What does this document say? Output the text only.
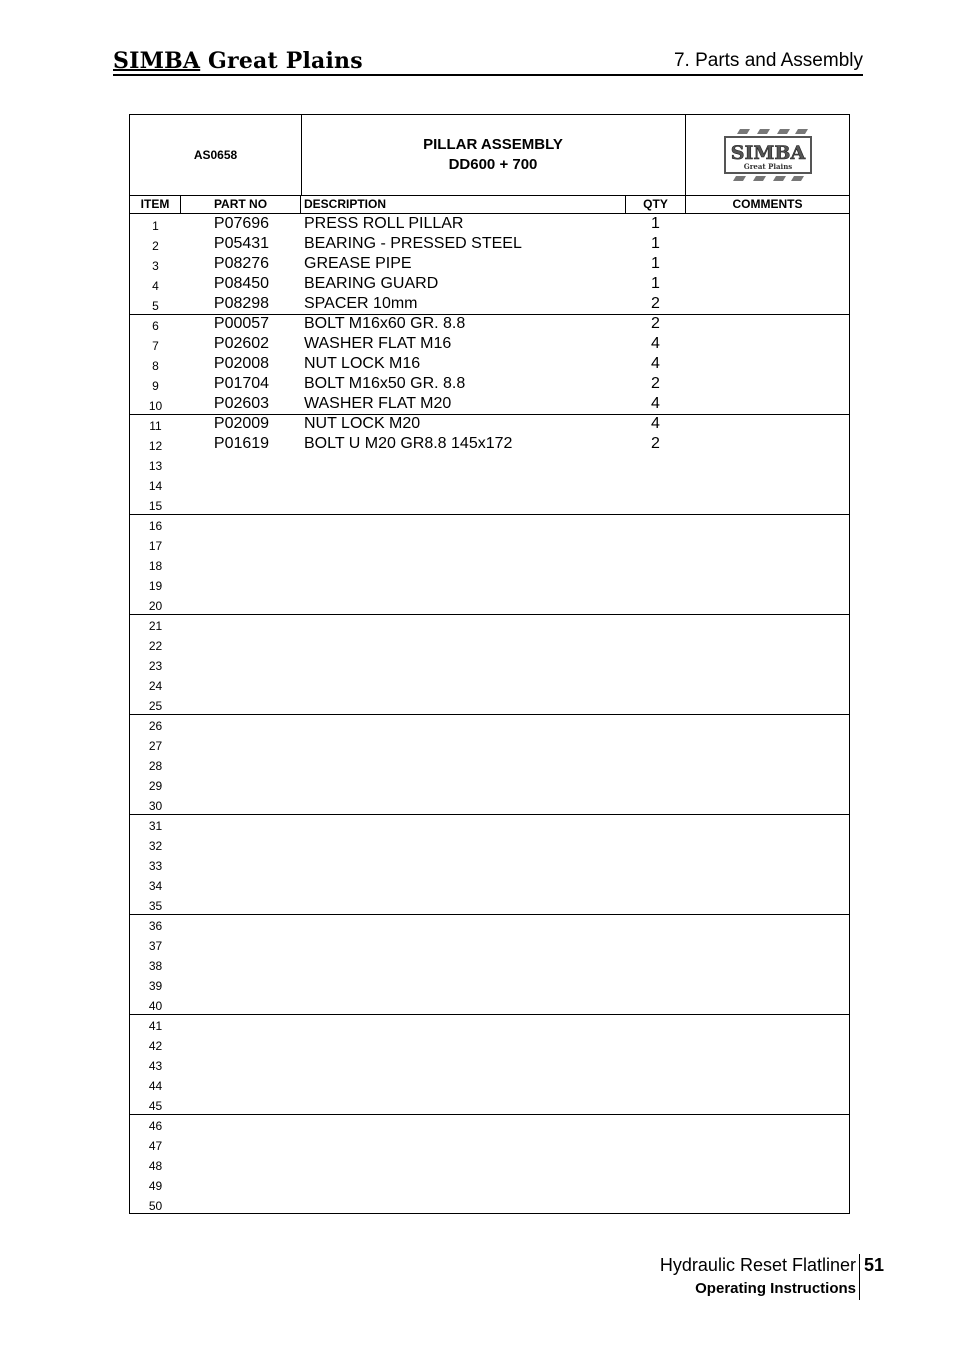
SIMBA Great Plains	7. Parts and Assembly
AS0658
PILLAR ASSEMBLY
DD600 + 700
SIMBA
Great Plains
ITEM	PART NO	DESCRIPTION	QTY	COMMENTS
1	P07696	PRESS ROLL PILLAR	1
2	P05431	BEARING - PRESSED STEEL	1
3	P08276	GREASE PIPE	1
4	P08450	BEARING GUARD	1
5	P08298	SPACER 10mm	2
6	P00057	BOLT M16x60 GR. 8.8	2
7	P02602	WASHER FLAT M16	4
8	P02008	NUT LOCK M16	4
9	P01704	BOLT M16x50 GR. 8.8	2
10	P02603	WASHER FLAT M20	4
11	P02009	NUT LOCK M20	4
12	P01619	BOLT U M20 GR8.8 145x172	2
13
14
15
16
17
18
19
20
21
22
23
24
25
26
27
28
29
30
31
32
33
34
35
36
37
38
39
40
41
42
43
44
45
46
47
48
49
50
Hydraulic Reset Flatliner 51
Operating Instructions
